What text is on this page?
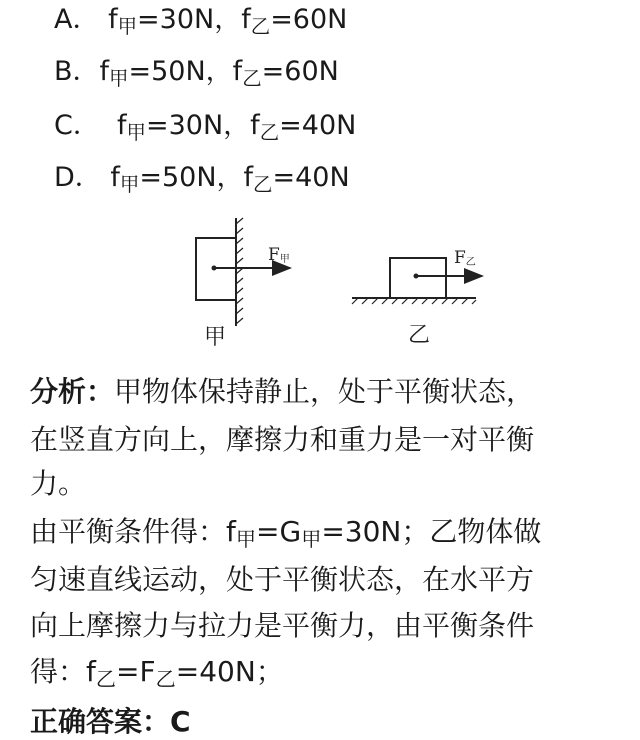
A． $f_甲=30N$，$f_乙=60N$
B．$f_甲=50N$，$f_乙=60N$
C． $f_甲=30N$，$f_乙=40N$
D． $f_甲=50N$，$f_乙=40N$
F甲	F乙
甲	乙
分析：甲物体保持静止，处于平衡状态，
在竖直方向上，摩擦力和重力是一对平衡
力。
由平衡条件得：$f_甲=G_甲=30N$；乙物体做
匀速直线运动，处于平衡状态，在水平方
向上摩擦力与拉力是平衡力，由平衡条件
得：$f_乙=F_乙=40N$；
正确答案：C
